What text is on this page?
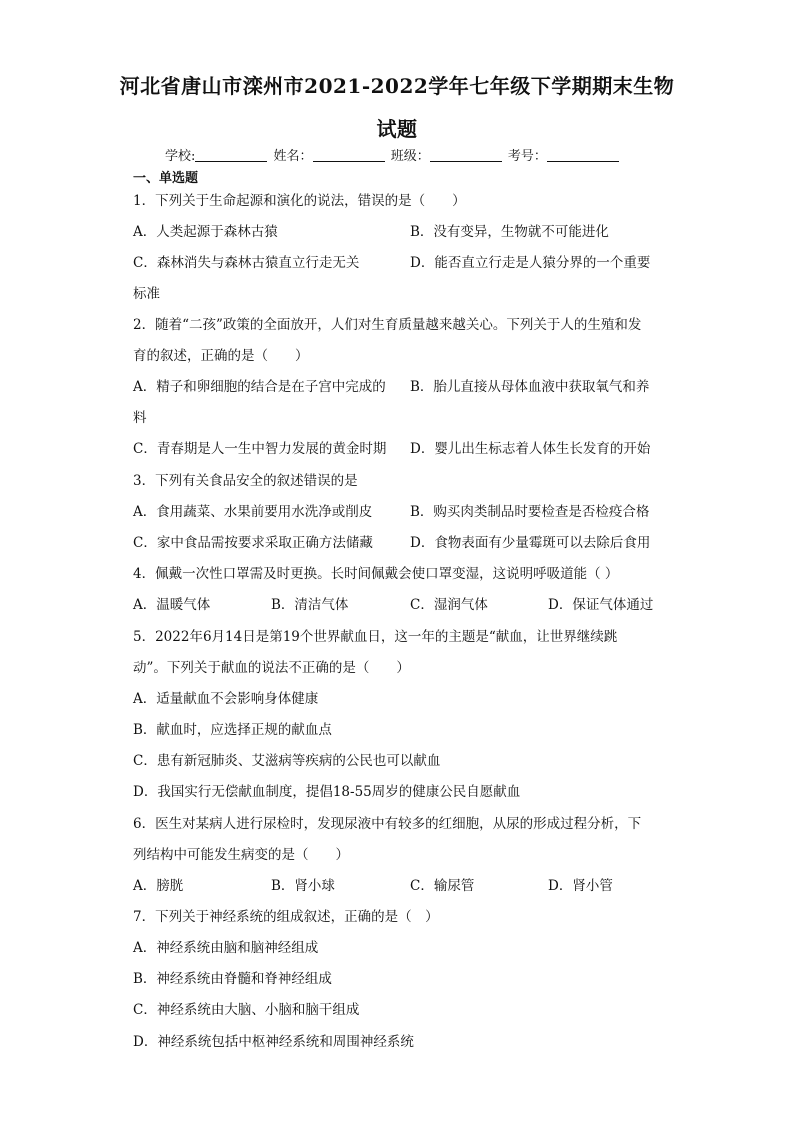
河北省唐山市滦州市2021-2022学年七年级下学期期末生物
试题
学校:	姓名：	班级：	考号：
一、单选题
1．下列关于生命起源和演化的说法，错误的是（　　）
A．人类起源于森林古猿	B．没有变异，生物就不可能进化
C．森林消失与森林古猿直立行走无关	D．能否直立行走是人猿分界的一个重要
标准
2．随着“二孩”政策的全面放开，人们对生育质量越来越关心。下列关于人的生殖和发
育的叙述，正确的是（　　）
A．精子和卵细胞的结合是在子宫中完成的 B．胎儿直接从母体血液中获取氧气和养
料
C．青春期是人一生中智力发展的黄金时期 D．婴儿出生标志着人体生长发育的开始
3．下列有关食品安全的叙述错误的是
A．食用蔬菜、水果前要用水洗净或削皮	B．购买肉类制品时要检查是否检疫合格
C．家中食品需按要求采取正确方法储藏	D．食物表面有少量霉斑可以去除后食用
4．佩戴一次性口罩需及时更换。长时间佩戴会使口罩变湿，这说明呼吸道能（ ）
A．温暖气体	B．清洁气体	C．湿润气体	D．保证气体通过
5．2022年6月14日是第19个世界献血日，这一年的主题是“献血，让世界继续跳
动”。下列关于献血的说法不正确的是（　　）
A．适量献血不会影响身体健康
B．献血时，应选择正规的献血点
C．患有新冠肺炎、艾滋病等疾病的公民也可以献血
D．我国实行无偿献血制度，提倡18-55周岁的健康公民自愿献血
6．医生对某病人进行尿检时，发现尿液中有较多的红细胞，从尿的形成过程分析，下
列结构中可能发生病变的是（　　）
A．膀胱	B．肾小球	C．输尿管	D．肾小管
7．下列关于神经系统的组成叙述，正确的是（　）
A．神经系统由脑和脑神经组成
B．神经系统由脊髓和脊神经组成
C．神经系统由大脑、小脑和脑干组成
D．神经系统包括中枢神经系统和周围神经系统
